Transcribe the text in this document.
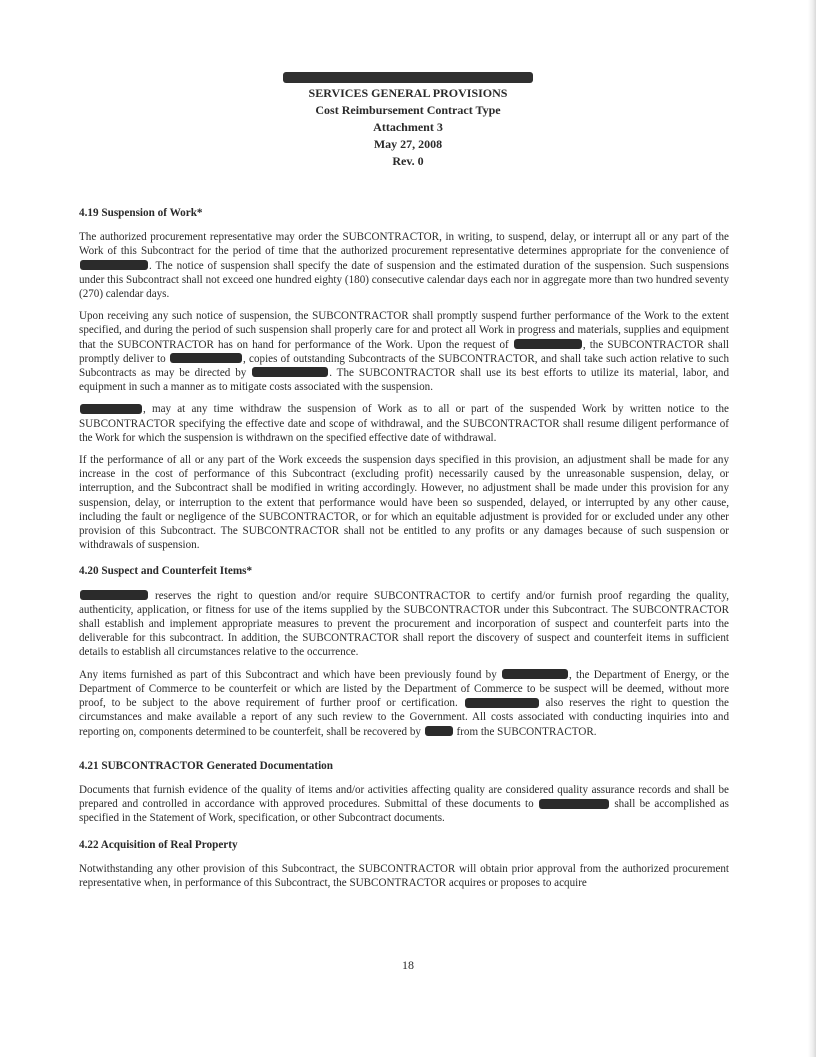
SERVICES GENERAL PROVISIONS
Cost Reimbursement Contract Type
Attachment 3
May 27, 2008
Rev. 0
4.19 Suspension of Work*

The authorized procurement representative may order the SUBCONTRACTOR, in writing, to suspend, delay, or interrupt all or any part of the Work of this Subcontract for the period of time that the authorized procurement representative determines appropriate for the convenience of . The notice of suspension shall specify the date of suspension and the estimated duration of the suspension. Such suspensions under this Subcontract shall not exceed one hundred eighty (180) consecutive calendar days each nor in aggregate more than two hundred seventy (270) calendar days.

Upon receiving any such notice of suspension, the SUBCONTRACTOR shall promptly suspend further performance of the Work to the extent specified, and during the period of such suspension shall properly care for and protect all Work in progress and materials, supplies and equipment that the SUBCONTRACTOR has on hand for performance of the Work. Upon the request of	, the SUBCONTRACTOR shall promptly deliver to	, copies of outstanding Subcontracts of the SUBCONTRACTOR, and shall take such action relative to such Subcontracts as may be directed by	. The SUBCONTRACTOR shall use its best efforts to utilize its material, labor, and equipment in such a manner as to mitigate costs associated with the suspension.

, may at any time withdraw the suspension of Work as to all or part of the suspended Work by written notice to the SUBCONTRACTOR specifying the effective date and scope of withdrawal, and the SUBCONTRACTOR shall resume diligent performance of the Work for which the suspension is withdrawn on the specified effective date of withdrawal.

If the performance of all or any part of the Work exceeds the suspension days specified in this provision, an adjustment shall be made for any increase in the cost of performance of this Subcontract (excluding profit) necessarily caused by the unreasonable suspension, delay, or interruption, and the Subcontract shall be modified in writing accordingly. However, no adjustment shall be made under this provision for any suspension, delay, or interruption to the extent that performance would have been so suspended, delayed, or interrupted by any other cause, including the fault or negligence of the SUBCONTRACTOR, or for which an equitable adjustment is provided for or excluded under any other provision of this Subcontract. The SUBCONTRACTOR shall not be entitled to any profits or any damages because of such suspension or withdrawals of suspension.

4.20 Suspect and Counterfeit Items*

reserves the right to question and/or require SUBCONTRACTOR to certify and/or furnish proof regarding the quality, authenticity, application, or fitness for use of the items supplied by the SUBCONTRACTOR under this Subcontract. The SUBCONTRACTOR shall establish and implement appropriate measures to prevent the procurement and incorporation of suspect and counterfeit parts into the deliverable for this subcontract. In addition, the SUBCONTRACTOR shall report the discovery of suspect and counterfeit items in sufficient details to establish all circumstances relative to the occurrence.

Any items furnished as part of this Subcontract and which have been previously found by	, the Department of Energy, or the Department of Commerce to be counterfeit or which are listed by the Department of Commerce to be suspect will be deemed, without more proof, to be subject to the above requirement of further proof or certification.	also reserves the right to question the circumstances and make available a report of any such review to the Government. All costs associated with conducting inquiries into and reporting on, components determined to be counterfeit, shall be recovered by	from the SUBCONTRACTOR.

4.21 SUBCONTRACTOR Generated Documentation

Documents that furnish evidence of the quality of items and/or activities affecting quality are considered quality assurance records and shall be prepared and controlled in accordance with approved procedures. Submittal of these documents to	shall be accomplished as specified in the Statement of Work, specification, or other Subcontract documents.

4.22 Acquisition of Real Property

Notwithstanding any other provision of this Subcontract, the SUBCONTRACTOR will obtain prior approval from the authorized procurement representative when, in performance of this Subcontract, the SUBCONTRACTOR acquires or proposes to acquire

18
